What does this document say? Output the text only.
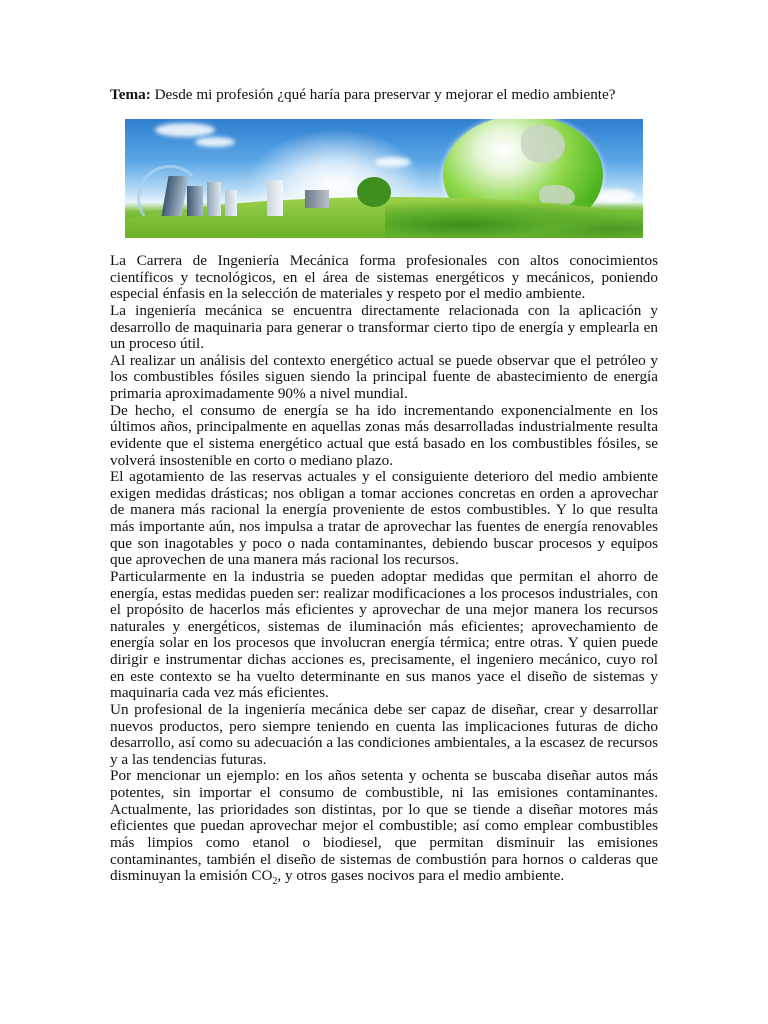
Tema: Desde mi profesión ¿qué haría para preservar y mejorar el medio ambiente?

La Carrera de Ingeniería Mecánica forma profesionales con altos conocimientos científicos y tecnológicos, en el área de sistemas energéticos y mecánicos, poniendo especial énfasis en la selección de materiales y respeto por el medio ambiente.

La ingeniería mecánica se encuentra directamente relacionada con la aplicación y desarrollo de maquinaria para generar o transformar cierto tipo de energía y emplearla en un proceso útil.

Al realizar un análisis del contexto energético actual se puede observar que el petróleo y los combustibles fósiles siguen siendo la principal fuente de abastecimiento de energía primaria aproximadamente 90% a nivel mundial.

De hecho, el consumo de energía se ha ido incrementando exponencialmente en los últimos años, principalmente en aquellas zonas más desarrolladas industrialmente resulta evidente que el sistema energético actual que está basado en los combustibles fósiles, se volverá insostenible en corto o mediano plazo.

El agotamiento de las reservas actuales y el consiguiente deterioro del medio ambiente exigen medidas drásticas; nos obligan a tomar acciones concretas en orden a aprovechar de manera más racional la energía proveniente de estos combustibles. Y lo que resulta más importante aún, nos impulsa a tratar de aprovechar las fuentes de energía renovables que son inagotables y poco o nada contaminantes, debiendo buscar procesos y equipos que aprovechen de una manera más racional los recursos.

Particularmente en la industria se pueden adoptar medidas que permitan el ahorro de energía, estas medidas pueden ser: realizar modificaciones a los procesos industriales, con el propósito de hacerlos más eficientes y aprovechar de una mejor manera los recursos naturales y energéticos, sistemas de iluminación más eficientes; aprovechamiento de energía solar en los procesos que involucran energía térmica; entre otras. Y quien puede dirigir e instrumentar dichas acciones es, precisamente, el ingeniero mecánico, cuyo rol en este contexto se ha vuelto determinante en sus manos yace el diseño de sistemas y maquinaria cada vez más eficientes.

Un profesional de la ingeniería mecánica debe ser capaz de diseñar, crear y desarrollar nuevos productos, pero siempre teniendo en cuenta las implicaciones futuras de dicho desarrollo, así como su adecuación a las condiciones ambientales, a la escasez de recursos y a las tendencias futuras.

Por mencionar un ejemplo: en los años setenta y ochenta se buscaba diseñar autos más potentes, sin importar el consumo de combustible, ni las emisiones contaminantes. Actualmente, las prioridades son distintas, por lo que se tiende a diseñar motores más eficientes que puedan aprovechar mejor el combustible; así como emplear combustibles más limpios como etanol o biodiesel, que permitan disminuir las emisiones contaminantes, también el diseño de sistemas de combustión para hornos o calderas que disminuyan la emisión $CO_2$, y otros gases nocivos para el medio ambiente.
